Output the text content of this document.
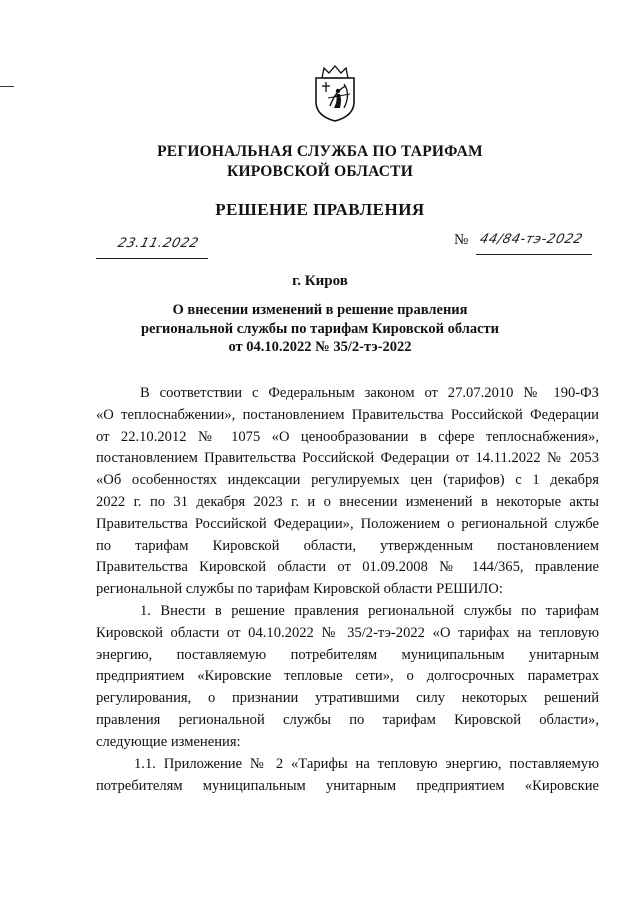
РЕГИОНАЛЬНАЯ СЛУЖБА ПО ТАРИФАМ
КИРОВСКОЙ ОБЛАСТИ
РЕШЕНИЕ ПРАВЛЕНИЯ
23.11.2022	№ 44/84-тэ-2022
г. Киров
О внесении изменений в решение правления
региональной службы по тарифам Кировской области
от 04.10.2022 № 35/2-тэ-2022
В соответствии с Федеральным законом от 27.07.2010 № 190-ФЗ
«О теплоснабжении», постановлением Правительства Российской Федерации
от 22.10.2012 № 1075 «О ценообразовании в сфере теплоснабжения»,
постановлением Правительства Российской Федерации от 14.11.2022 № 2053
«Об особенностях индексации регулируемых цен (тарифов) с 1 декабря
2022 г. по 31 декабря 2023 г. и о внесении изменений в некоторые акты
Правительства Российской Федерации», Положением о региональной службе
по тарифам Кировской области, утвержденным постановлением
Правительства Кировской области от 01.09.2008 № 144/365, правление
региональной службы по тарифам Кировской области РЕШИЛО:
1. Внести в решение правления региональной службы по тарифам
Кировской области от 04.10.2022 № 35/2-тэ-2022 «О тарифах на тепловую
энергию, поставляемую потребителям муниципальным унитарным
предприятием «Кировские тепловые сети», о долгосрочных параметрах
регулирования, о признании утратившими силу некоторых решений
правления региональной службы по тарифам Кировской области»,
следующие изменения:
1.1. Приложение № 2 «Тарифы на тепловую энергию, поставляемую
потребителям муниципальным унитарным предприятием «Кировские
